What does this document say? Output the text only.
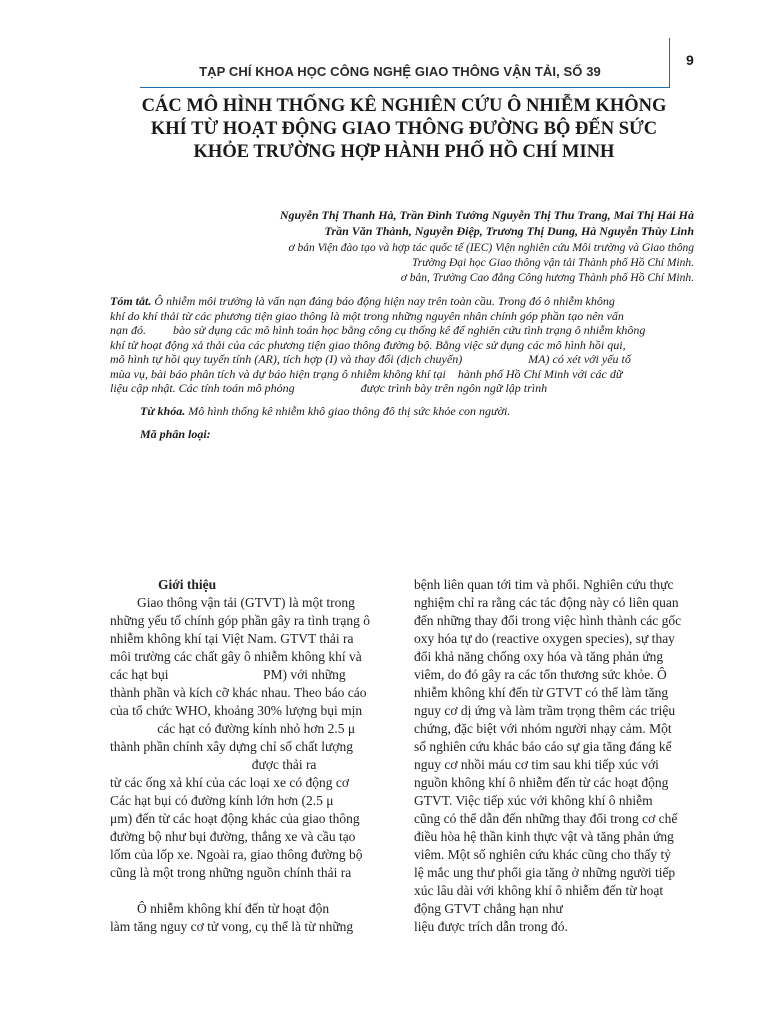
TẠP CHÍ KHOA HỌC CÔNG NGHỆ GIAO THÔNG VẬN TẢI, SỐ 39
9
CÁC MÔ HÌNH THỐNG KÊ NGHIÊN CỨU Ô NHIỄM KHÔNG
KHÍ TỪ HOẠT ĐỘNG GIAO THÔNG ĐƯỜNG BỘ ĐẾN SỨC
KHỎE TRƯỜNG HỢP HÀNH PHỐ HỒ CHÍ MINH
Nguyễn Thị Thanh Hà, Trần Đình Tướng Nguyễn Thị Thu Trang, Mai Thị Hải Hà
Trần Văn Thành, Nguyễn Điệp, Trương Thị Dung, Hà Nguyễn Thùy Linh
ơ bản Viện đào tạo và hợp tác quốc tế (IEC) Viện nghiên cứu Môi trường và Giao thông
Trường Đại học Giao thông vận tải Thành phố Hồ Chí Minh.
ơ bản, Trường Cao đẳng Công hương Thành phố Hồ Chí Minh.
Tóm tắt. Ô nhiễm môi trường là vấn nạn đáng báo động hiện nay trên toàn cầu. Trong đó ô nhiễm không
khí do khí thải từ các phương tiện giao thông là một trong những nguyên nhân chính góp phần tạo nên vấn
nạn đó.         bào sử dụng các mô hình toán học bằng công cụ thống kê để nghiên cứu tình trạng ô nhiễm không
khí từ hoạt động xả thải của các phương tiện giao thông đường bộ. Bằng việc sử dụng các mô hình hồi qui,
mô hình tự hồi quy tuyến tính (AR), tích hợp (I) và thay đổi (dịch chuyển)                      MA) có xét với yếu tố
mùa vụ, bài báo phân tích và dự báo hiện trạng ô nhiễm không khí tại    hành phố Hồ Chí Minh với các dữ
liệu cập nhật. Các tính toán mô phỏng                      được trình bày trên ngôn ngữ lập trình
Từ khóa. Mô hình thống kê nhiễm khô giao thông đô thị sức khỏe con người.
Mã phân loại:
Giới thiệu
Giao thông vận tải (GTVT) là một trong
những yếu tố chính góp phần gây ra tình trạng ô
nhiễm không khí tại Việt Nam. GTVT thải ra
môi trường các chất gây ô nhiễm không khí và
các hạt bụi                            PM) với những
thành phần và kích cỡ khác nhau. Theo báo cáo
của tổ chức WHO, khoảng 30% lượng bụi mịn
các hạt có đường kính nhỏ hơn 2.5 μ
thành phần chính xây dựng chỉ số chất lượng
được thải ra
từ các ống xả khí của các loại xe có động cơ
Các hạt bụi có đường kính lớn hơn (2.5 μ
μm) đến từ các hoạt động khác của giao thông
đường bộ như bụi đường, thắng xe và cầu tạo
lốm của lốp xe. Ngoài ra, giao thông đường bộ
cũng là một trong những nguồn chính thải ra
Ô nhiễm không khí đến từ hoạt độn
làm tăng nguy cơ tử vong, cụ thể là từ những
bệnh liên quan tới tim và phổi. Nghiên cứu thực
nghiệm chỉ ra rằng các tác động này có liên quan
đến những thay đổi trong việc hình thành các gốc
oxy hóa tự do (reactive oxygen species), sự thay
đổi khả năng chống oxy hóa và tăng phản ứng
viêm, do đó gây ra các tổn thương sức khỏe. Ô
nhiễm không khí đến từ GTVT có thể làm tăng
nguy cơ dị ứng và làm trầm trọng thêm các triệu
chứng, đặc biệt với nhóm người nhạy cảm. Một
số nghiên cứu khác báo cáo sự gia tăng đáng kể
nguy cơ nhồi máu cơ tim sau khi tiếp xúc với
nguồn không khí ô nhiễm đến từ các hoạt động
GTVT. Việc tiếp xúc với không khí ô nhiễm
cũng có thể dẫn đến những thay đổi trong cơ chế
điều hòa hệ thần kinh thực vật và tăng phản ứng
viêm. Một số nghiên cứu khác cũng cho thấy tỷ
lệ mắc ung thư phổi gia tăng ở những người tiếp
xúc lâu dài với không khí ô nhiễm đến từ hoạt
động GTVT chẳng hạn như
liệu được trích dẫn trong đó.
